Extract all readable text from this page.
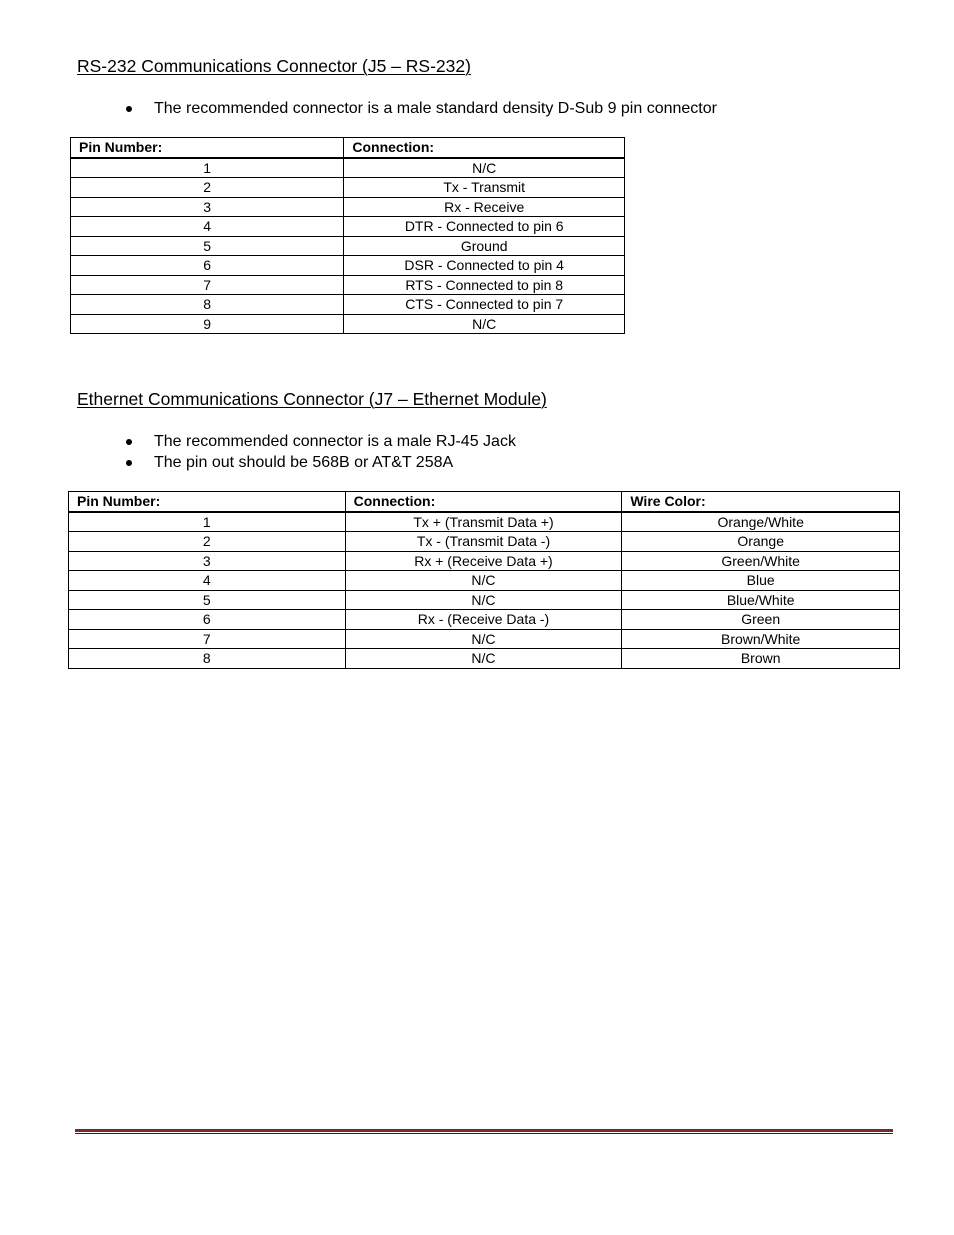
RS-232 Communications Connector (J5 – RS-232)
The recommended connector is a male standard density D-Sub 9 pin connector
Pin Number:	Connection:
1	N/C
2	Tx - Transmit
3	Rx - Receive
4	DTR - Connected to pin 6
5	Ground
6	DSR - Connected to pin 4
7	RTS - Connected to pin 8
8	CTS - Connected to pin 7
9	N/C
Ethernet Communications Connector (J7 – Ethernet Module)
The recommended connector is a male RJ-45 Jack
The pin out should be 568B or AT&T 258A
Pin Number:	Connection:	Wire Color:
1	Tx + (Transmit Data +)	Orange/White
2	Tx - (Transmit Data -)	Orange
3	Rx + (Receive Data +)	Green/White
4	N/C	Blue
5	N/C	Blue/White
6	Rx - (Receive Data -)	Green
7	N/C	Brown/White
8	N/C	Brown
